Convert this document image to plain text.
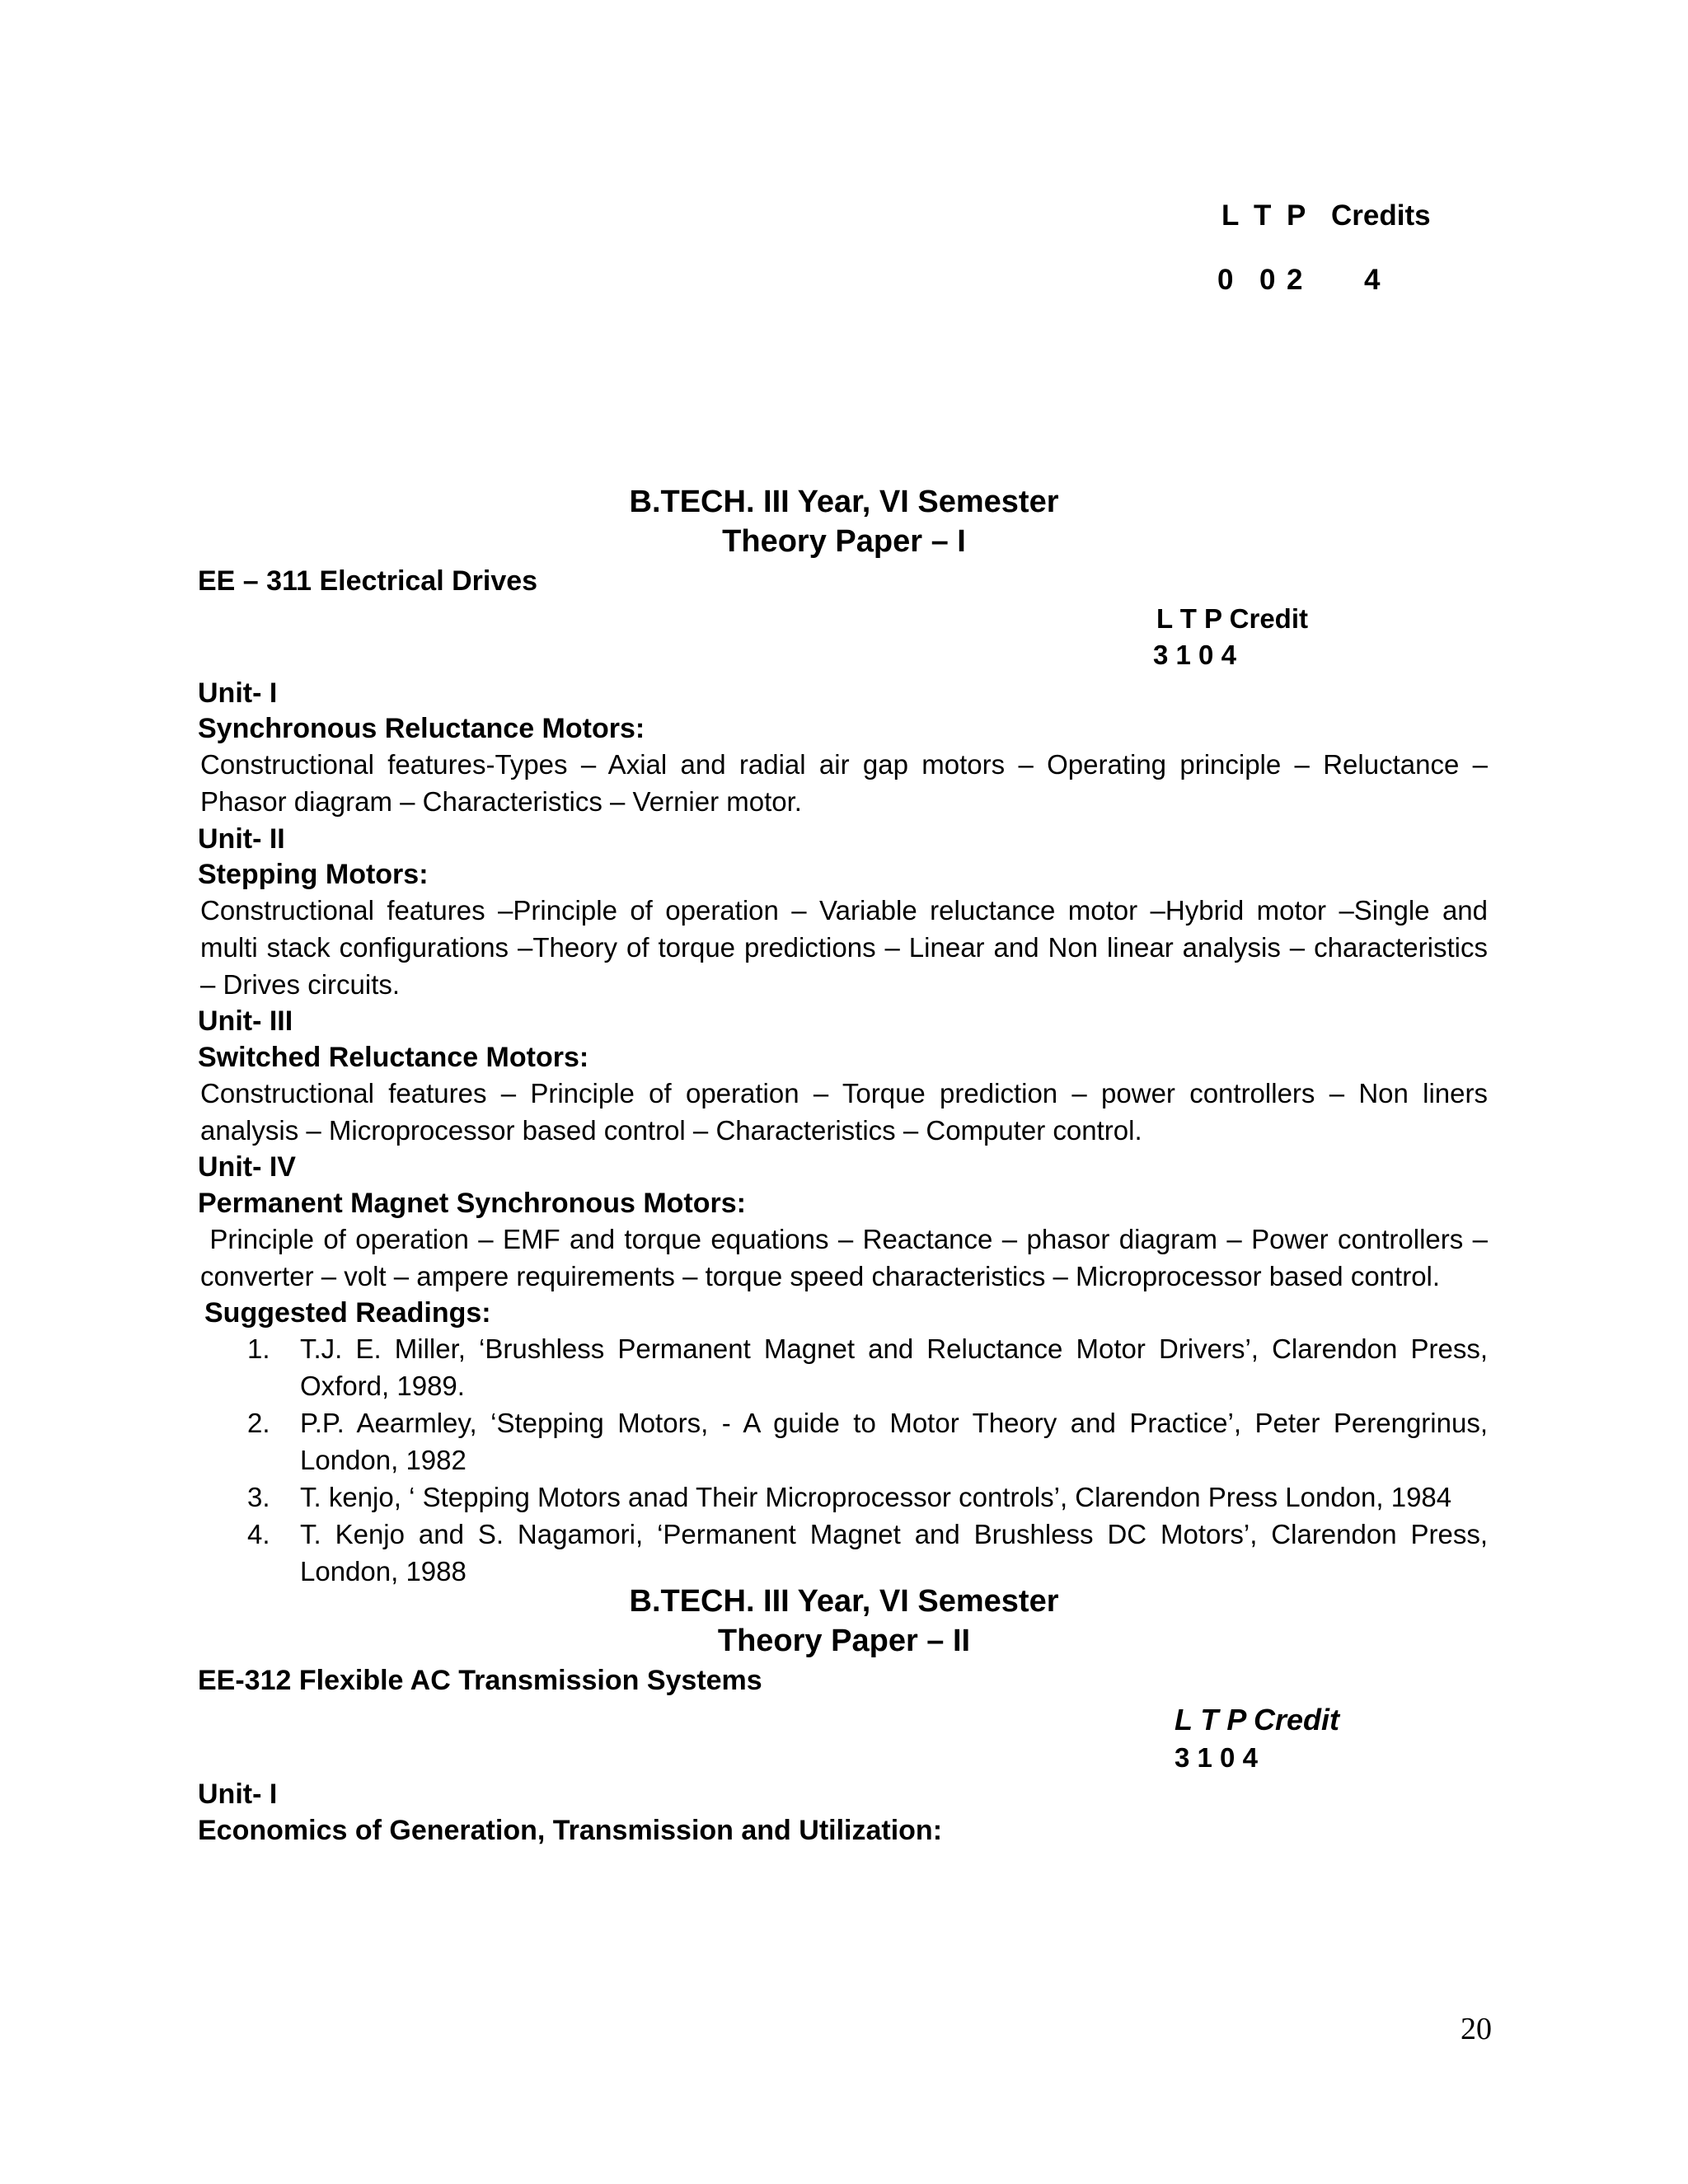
L T P Credits
0 0 2 4
B.TECH. III Year, VI Semester
Theory Paper – I
EE – 311 Electrical Drives
L T P Credit
3 1 0 4
Unit- I
Synchronous Reluctance Motors:
Constructional features-Types – Axial and radial air gap motors – Operating principle – Reluctance – Phasor diagram – Characteristics – Vernier motor.
Unit- II
Stepping Motors:
Constructional features –Principle of operation – Variable reluctance motor –Hybrid motor –Single and multi stack configurations –Theory of torque predictions – Linear and Non linear analysis – characteristics – Drives circuits.
Unit- III
Switched Reluctance Motors:
Constructional features – Principle of operation – Torque prediction – power controllers – Non liners analysis – Microprocessor based control – Characteristics – Computer control.
Unit- IV
Permanent Magnet Synchronous Motors:
Principle of operation – EMF and torque equations – Reactance – phasor diagram – Power controllers – converter – volt – ampere requirements – torque speed characteristics – Microprocessor based control.
Suggested Readings:
1. T.J. E. Miller, ‘Brushless Permanent Magnet and Reluctance Motor Drivers’, Clarendon Press, Oxford, 1989.
2. P.P. Aearmley, ‘Stepping Motors, - A guide to Motor Theory and Practice’, Peter Perengrinus, London, 1982
3. T. kenjo, ‘ Stepping Motors anad Their Microprocessor controls’, Clarendon Press London, 1984
4. T. Kenjo and S. Nagamori, ‘Permanent Magnet and Brushless DC Motors’, Clarendon Press, London, 1988
B.TECH. III Year, VI Semester
Theory Paper – II
EE-312 Flexible AC Transmission Systems
L T P Credit
3 1 0 4
Unit- I
Economics of Generation, Transmission and Utilization:
20
